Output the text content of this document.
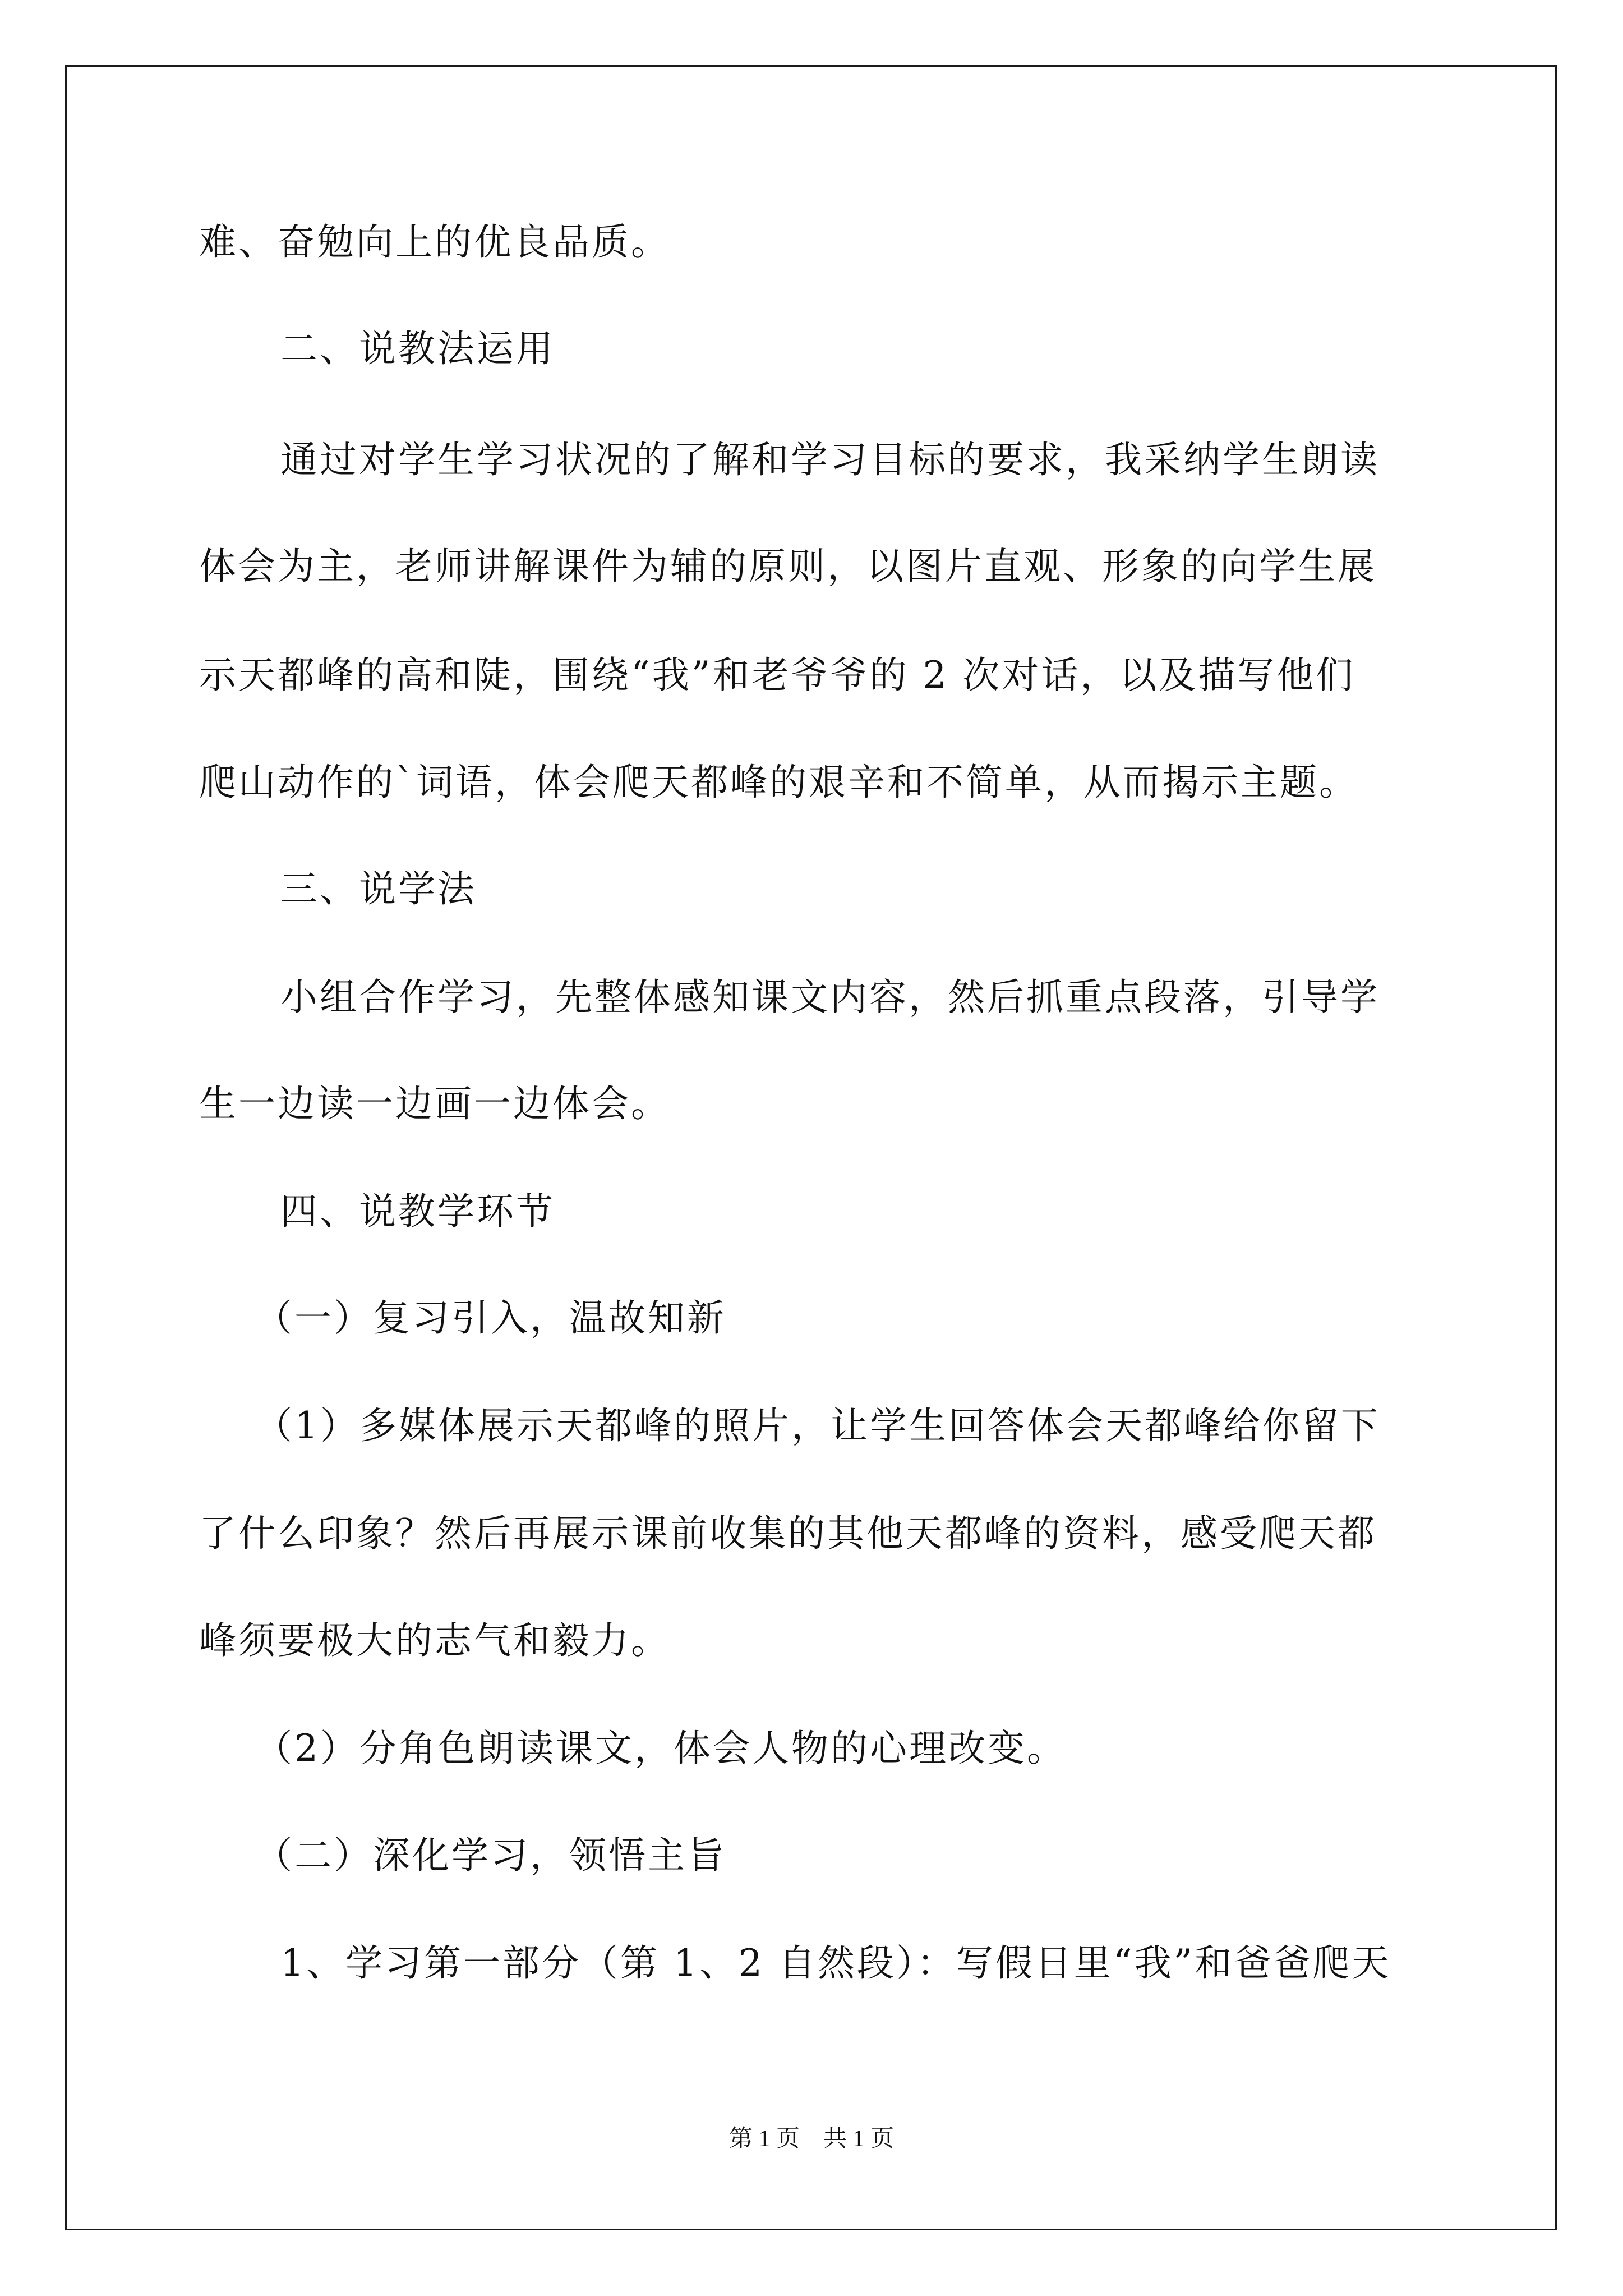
难、奋勉向上的优良品质。
二、说教法运用
通过对学生学习状况的了解和学习目标的要求，我采纳学生朗读
体会为主，老师讲解课件为辅的原则，以图片直观、形象的向学生展
示天都峰的高和陡，围绕“我”和老爷爷的 2 次对话，以及描写他们
爬山动作的`词语，体会爬天都峰的艰辛和不简单，从而揭示主题。
三、说学法
小组合作学习，先整体感知课文内容，然后抓重点段落，引导学
生一边读一边画一边体会。
四、说教学环节
（一）复习引入，温故知新
（1）多媒体展示天都峰的照片，让学生回答体会天都峰给你留下
了什么印象？然后再展示课前收集的其他天都峰的资料，感受爬天都
峰须要极大的志气和毅力。
（2）分角色朗读课文，体会人物的心理改变。
（二）深化学习，领悟主旨
1、学习第一部分（第 1、2 自然段）：写假日里“我”和爸爸爬天
第 1 页　共 1 页
